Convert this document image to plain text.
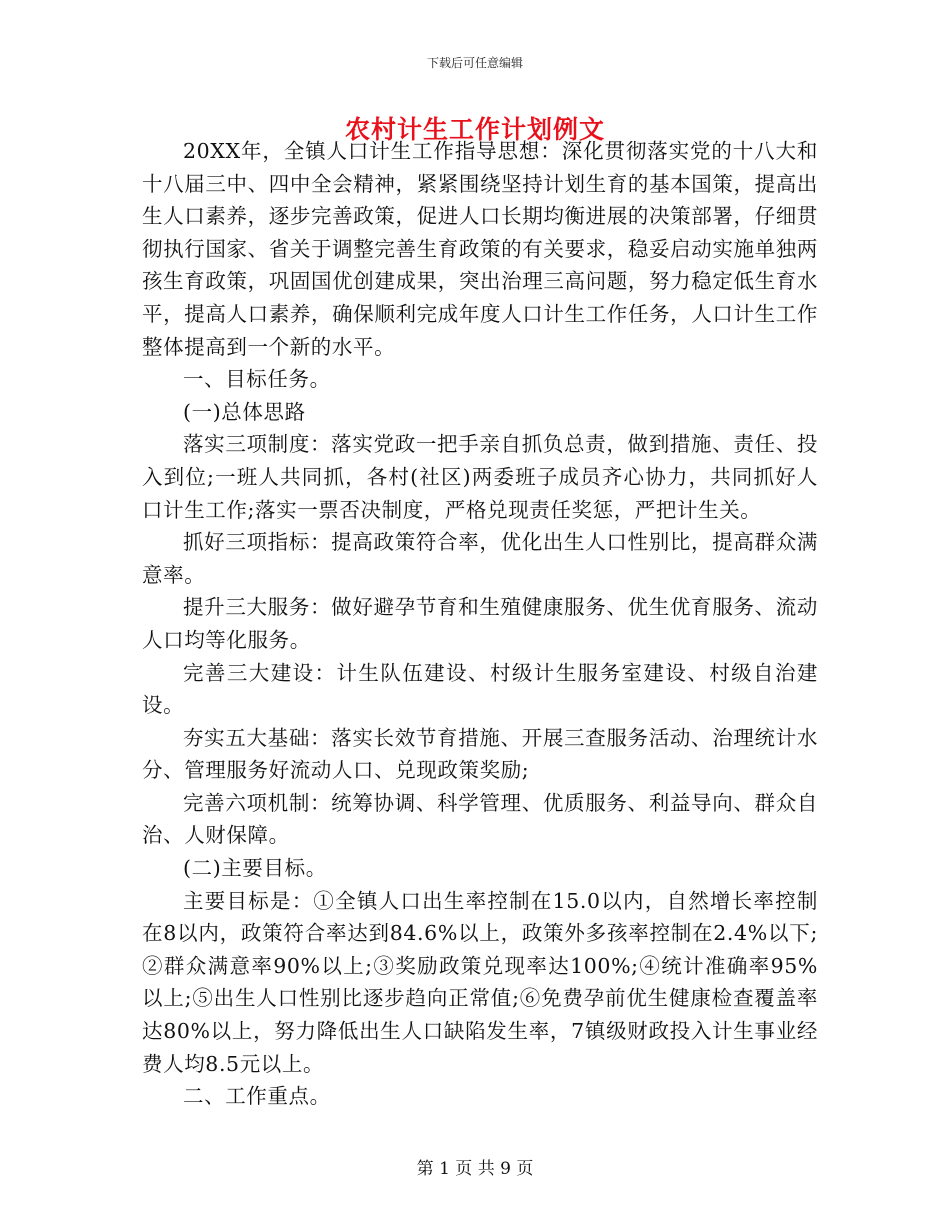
下载后可任意编辑
农村计生工作计划例文

20XX年，全镇人口计生工作指导思想：深化贯彻落实党的十八大和十八届三中、四中全会精神，紧紧围绕坚持计划生育的基本国策，提高出生人口素养，逐步完善政策，促进人口长期均衡进展的决策部署，仔细贯彻执行国家、省关于调整完善生育政策的有关要求，稳妥启动实施单独两孩生育政策，巩固国优创建成果，突出治理三高问题，努力稳定低生育水平，提高人口素养，确保顺利完成年度人口计生工作任务，人口计生工作整体提高到一个新的水平。

一、目标任务。

(一)总体思路

落实三项制度：落实党政一把手亲自抓负总责，做到措施、责任、投入到位;一班人共同抓，各村(社区)两委班子成员齐心协力，共同抓好人口计生工作;落实一票否决制度，严格兑现责任奖惩，严把计生关。

抓好三项指标：提高政策符合率，优化出生人口性别比，提高群众满意率。

提升三大服务：做好避孕节育和生殖健康服务、优生优育服务、流动人口均等化服务。

完善三大建设：计生队伍建设、村级计生服务室建设、村级自治建设。

夯实五大基础：落实长效节育措施、开展三查服务活动、治理统计水分、管理服务好流动人口、兑现政策奖励;

完善六项机制：统筹协调、科学管理、优质服务、利益导向、群众自治、人财保障。

(二)主要目标。

主要目标是：①全镇人口出生率控制在15.0以内，自然增长率控制在8以内，政策符合率达到84.6%以上，政策外多孩率控制在2.4%以下;②群众满意率90%以上;③奖励政策兑现率达100%;④统计准确率95%以上;⑤出生人口性别比逐步趋向正常值;⑥免费孕前优生健康检查覆盖率达80%以上，努力降低出生人口缺陷发生率，7镇级财政投入计生事业经费人均8.5元以上。

二、工作重点。

第 1 页 共 9 页
